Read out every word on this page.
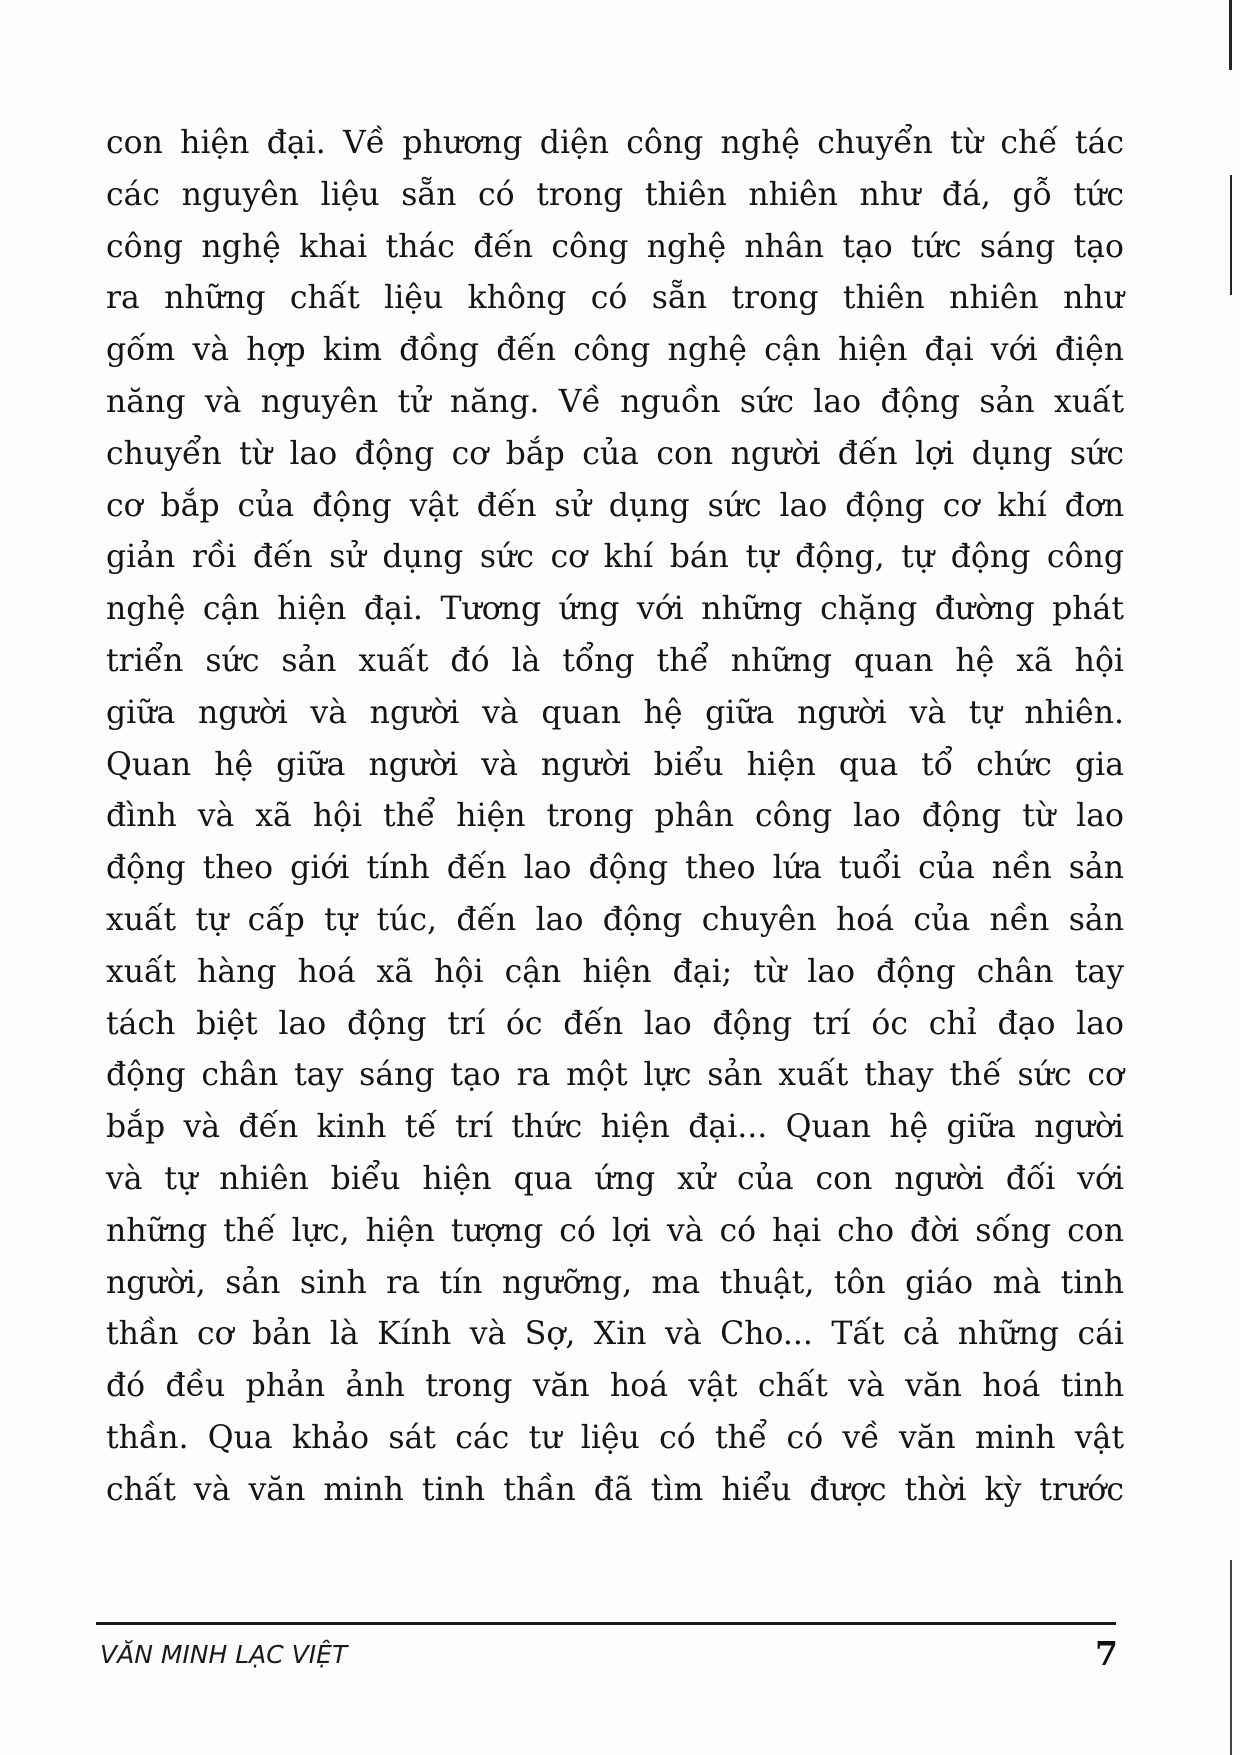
con hiện đại. Về phương diện công nghệ chuyển từ chế tác
các nguyên liệu sẵn có trong thiên nhiên như đá, gỗ tức
công nghệ khai thác đến công nghệ nhân tạo tức sáng tạo
ra những chất liệu không có sẵn trong thiên nhiên như
gốm và hợp kim đồng đến công nghệ cận hiện đại với điện
năng và nguyên tử năng. Về nguồn sức lao động sản xuất
chuyển từ lao động cơ bắp của con người đến lợi dụng sức
cơ bắp của động vật đến sử dụng sức lao động cơ khí đơn
giản rồi đến sử dụng sức cơ khí bán tự động, tự động công
nghệ cận hiện đại. Tương ứng với những chặng đường phát
triển sức sản xuất đó là tổng thể những quan hệ xã hội
giữa người và người và quan hệ giữa người và tự nhiên.
Quan hệ giữa người và người biểu hiện qua tổ chức gia
đình và xã hội thể hiện trong phân công lao động từ lao
động theo giới tính đến lao động theo lứa tuổi của nền sản
xuất tự cấp tự túc, đến lao động chuyên hoá của nền sản
xuất hàng hoá xã hội cận hiện đại; từ lao động chân tay
tách biệt lao động trí óc đến lao động trí óc chỉ đạo lao
động chân tay sáng tạo ra một lực sản xuất thay thế sức cơ
bắp và đến kinh tế trí thức hiện đại... Quan hệ giữa người
và tự nhiên biểu hiện qua ứng xử của con người đối với
những thế lực, hiện tượng có lợi và có hại cho đời sống con
người, sản sinh ra tín ngưỡng, ma thuật, tôn giáo mà tinh
thần cơ bản là Kính và Sợ, Xin và Cho... Tất cả những cái
đó đều phản ảnh trong văn hoá vật chất và văn hoá tinh
thần. Qua khảo sát các tư liệu có thể có về văn minh vật
chất và văn minh tinh thần đã tìm hiểu được thời kỳ trước
VĂN MINH LẠC VIỆT	7
